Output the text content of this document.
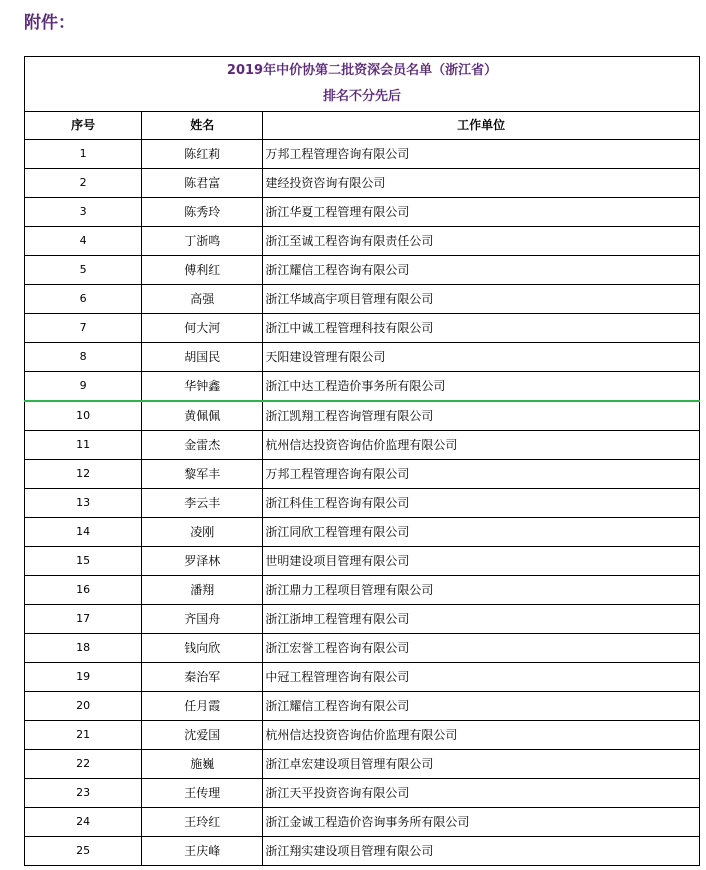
附件：
2019年中价协第二批资深会员名单（浙江省）
排名不分先后		

序号	姓名	工作单位
1	陈红莉	万邦工程管理咨询有限公司
2	陈君富	建经投资咨询有限公司
3	陈秀玲	浙江华夏工程管理有限公司
4	丁浙鸣	浙江至诚工程咨询有限责任公司
5	傅利红	浙江耀信工程咨询有限公司
6	高强	浙江华域高宇项目管理有限公司
7	何大河	浙江中诚工程管理科技有限公司
8	胡国民	天阳建设管理有限公司
9	华钟鑫	浙江中达工程造价事务所有限公司
10	黄佩佩	浙江凯翔工程咨询管理有限公司
11	金雷杰	杭州信达投资咨询估价监理有限公司
12	黎军丰	万邦工程管理咨询有限公司
13	李云丰	浙江科佳工程咨询有限公司
14	凌刚	浙江同欣工程管理有限公司
15	罗泽林	世明建设项目管理有限公司
16	潘翔	浙江鼎力工程项目管理有限公司
17	齐国舟	浙江浙坤工程管理有限公司
18	钱向欣	浙江宏誉工程咨询有限公司
19	秦治军	中冠工程管理咨询有限公司
20	任月霞	浙江耀信工程咨询有限公司
21	沈爱国	杭州信达投资咨询估价监理有限公司
22	施巍	浙江卓宏建设项目管理有限公司
23	王传理	浙江天平投资咨询有限公司
24	王玲红	浙江金诚工程造价咨询事务所有限公司
25	王庆峰	浙江翔实建设项目管理有限公司
